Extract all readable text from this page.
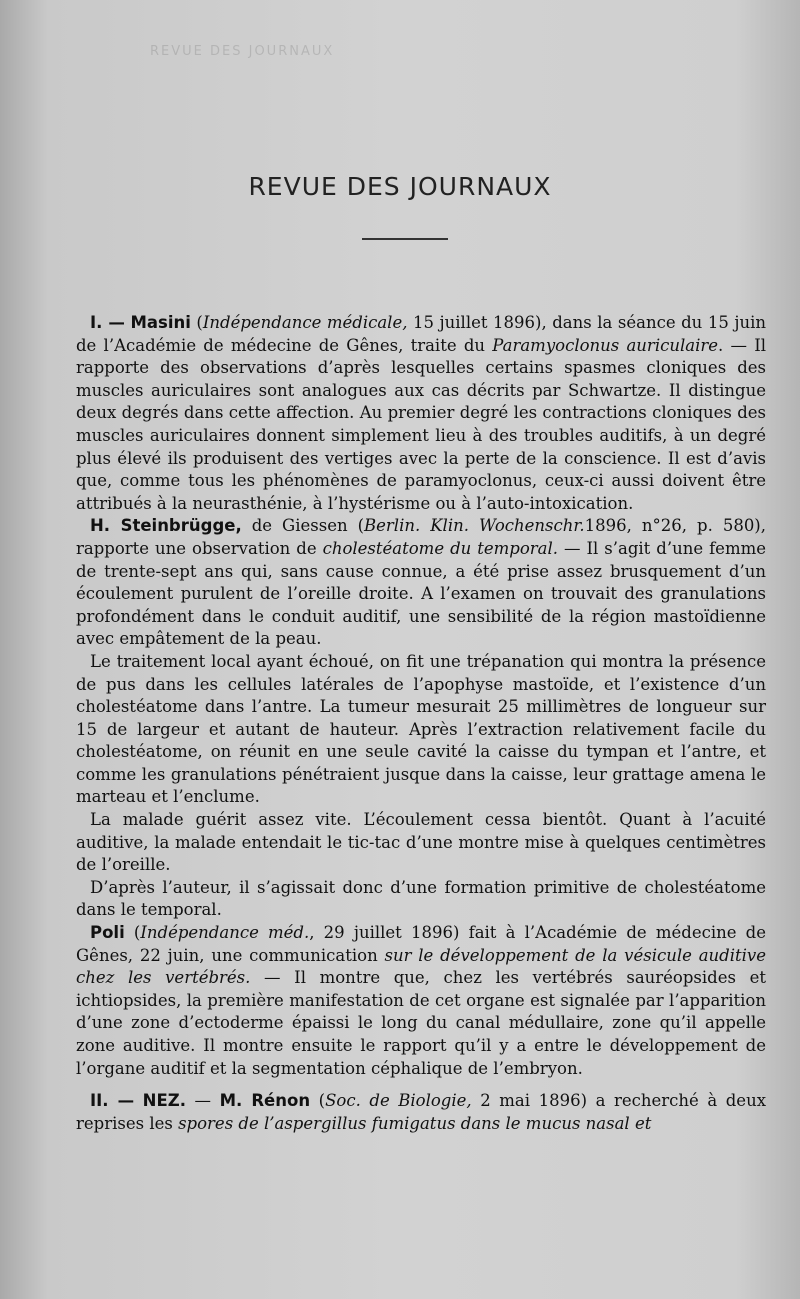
REVUE DES JOURNAUX
REVUE DES JOURNAUX

I. — Masini (Indépendance médicale, 15 juillet 1896), dans la séance du 15 juin de l’Académie de médecine de Gênes, traite du Paramyoclonus auriculaire. — Il rapporte des observations d’après lesquelles certains spasmes cloniques des muscles auriculaires sont analogues aux cas décrits par Schwartze. Il distingue deux degrés dans cette affection. Au premier degré les contractions cloniques des muscles auriculaires donnent simplement lieu à des troubles auditifs, à un degré plus élevé ils produisent des vertiges avec la perte de la conscience. Il est d’avis que, comme tous les phénomènes de paramyoclonus, ceux-ci aussi doivent être attribués à la neurasthénie, à l’hystérisme ou à l’auto-intoxication.

H. Steinbrügge, de Giessen (Berlin. Klin. Wochenschr.1896, n°26, p. 580), rapporte une observation de cholestéatome du temporal. — Il s’agit d’une femme de trente-sept ans qui, sans cause connue, a été prise assez brusquement d’un écoulement purulent de l’oreille droite. A l’examen on trouvait des granulations profondément dans le conduit auditif, une sensibilité de la région mastoïdienne avec empâtement de la peau.

Le traitement local ayant échoué, on fit une trépanation qui montra la présence de pus dans les cellules latérales de l’apophyse mastoïde, et l’existence d’un cholestéatome dans l’antre. La tumeur mesurait 25 millimètres de longueur sur 15 de largeur et autant de hauteur. Après l’extraction relativement facile du cholestéatome, on réunit en une seule cavité la caisse du tympan et l’antre, et comme les granulations pénétraient jusque dans la caisse, leur grattage amena le marteau et l’enclume.

La malade guérit assez vite. L’écoulement cessa bientôt. Quant à l’acuité auditive, la malade entendait le tic-tac d’une montre mise à quelques centimètres de l’oreille.

D’après l’auteur, il s’agissait donc d’une formation primitive de cholestéatome dans le temporal.

Poli (Indépendance méd., 29 juillet 1896) fait à l’Académie de médecine de Gênes, 22 juin, une communication sur le développement de la vésicule auditive chez les vertébrés. — Il montre que, chez les vertébrés sauréopsides et ichtiopsides, la première manifestation de cet organe est signalée par l’apparition d’une zone d’ectoderme épaissi le long du canal médullaire, zone qu’il appelle zone auditive. Il montre ensuite le rapport qu’il y a entre le développement de l’organe auditif et la segmentation céphalique de l’embryon.

II. — NEZ. — M. Rénon (Soc. de Biologie, 2 mai 1896) a recherché à deux reprises les spores de l’aspergillus fumigatus dans le mucus nasal et
